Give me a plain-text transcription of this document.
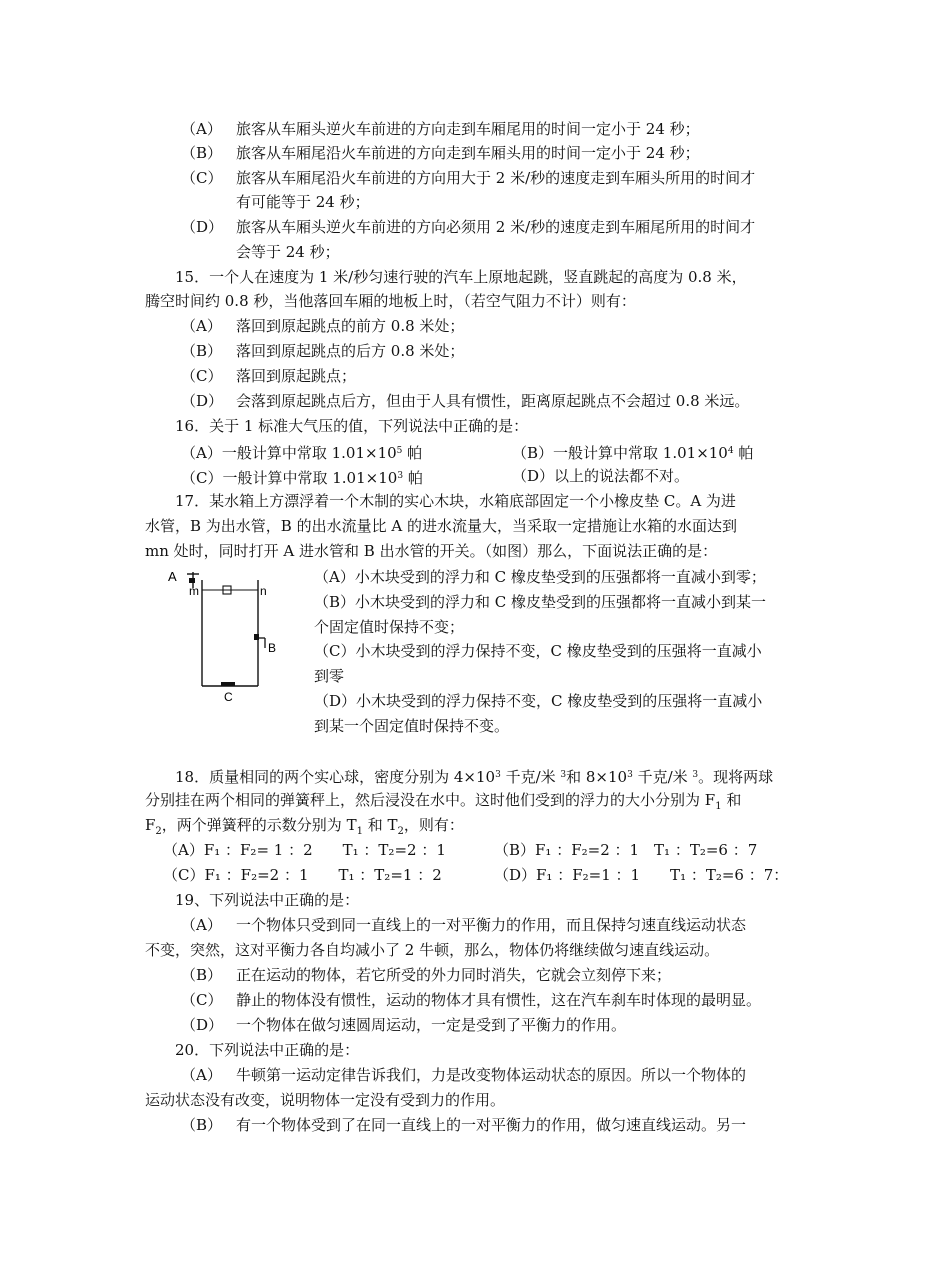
（A） 旅客从车厢头逆火车前进的方向走到车厢尾用的时间一定小于 24 秒；
（B） 旅客从车厢尾沿火车前进的方向走到车厢头用的时间一定小于 24 秒；
（C） 旅客从车厢尾沿火车前进的方向用大于 2 米/秒的速度走到车厢头所用的时间才
有可能等于 24 秒；
（D） 旅客从车厢头逆火车前进的方向必须用 2 米/秒的速度走到车厢尾所用的时间才
会等于 24 秒；
15．一个人在速度为 1 米/秒匀速行驶的汽车上原地起跳，竖直跳起的高度为 0.8 米，
腾空时间约 0.8 秒，当他落回车厢的地板上时，（若空气阻力不计）则有：
（A） 落回到原起跳点的前方 0.8 米处；
（B） 落回到原起跳点的后方 0.8 米处；
（C） 落回到原起跳点；
（D） 会落到原起跳点后方，但由于人具有惯性，距离原起跳点不会超过 0.8 米远。
16．关于 1 标准大气压的值，下列说法中正确的是：
（A）一般计算中常取 $1.01\times 10^5$ 帕	（B）一般计算中常取 $1.01\times 10^4$ 帕
（C）一般计算中常取 $1.01\times 10^3$ 帕	（D）以上的说法都不对。
17．某水箱上方漂浮着一个木制的实心木块，水箱底部固定一个小橡皮垫 C。A 为进
水管，B 为出水管，B 的出水流量比 A 的进水流量大，当采取一定措施让水箱的水面达到
mn 处时，同时打开 A 进水管和 B 出水管的开关。（如图）那么，下面说法正确的是：
A
m	n
B
C
（A）小木块受到的浮力和 C 橡皮垫受到的压强都将一直减小到零；
（B）小木块受到的浮力和 C 橡皮垫受到的压强都将一直减小到某一
个固定值时保持不变；
（C）小木块受到的浮力保持不变，C 橡皮垫受到的压强将一直减小
到零
（D）小木块受到的浮力保持不变，C 橡皮垫受到的压强将一直减小
到某一个固定值时保持不变。
18．质量相同的两个实心球，密度分别为 $4\times 10^3$ 千克/米 $^3$和 $8\times 10^3$ 千克/米 $^3$。现将两球
分别挂在两个相同的弹簧秤上，然后浸没在水中。这时他们受到的浮力的大小分别为 $F_1$ 和
$F_2$，两个弹簧秤的示数分别为 $T_1$ 和 $T_2$，则有：
（A）F₁ ：F₂= 1 ：2　　T₁ ：T₂=2 ：1	（B）F₁ ：F₂=2 ：1　T₁ ：T₂=6 ：7
（C）F₁ ：F₂=2 ：1　　T₁ ：T₂=1 ：2	（D）F₁ ：F₂=1 ：1　　T₁ ：T₂=6 ：7：
19、下列说法中正确的是：
（A） 一个物体只受到同一直线上的一对平衡力的作用，而且保持匀速直线运动状态
不变，突然，这对平衡力各自均减小了 2 牛顿，那么，物体仍将继续做匀速直线运动。
（B） 正在运动的物体，若它所受的外力同时消失，它就会立刻停下来；
（C） 静止的物体没有惯性，运动的物体才具有惯性，这在汽车刹车时体现的最明显。
（D） 一个物体在做匀速圆周运动，一定是受到了平衡力的作用。
20．下列说法中正确的是：
（A） 牛顿第一运动定律告诉我们，力是改变物体运动状态的原因。所以一个物体的
运动状态没有改变，说明物体一定没有受到力的作用。
（B） 有一个物体受到了在同一直线上的一对平衡力的作用，做匀速直线运动。另一
